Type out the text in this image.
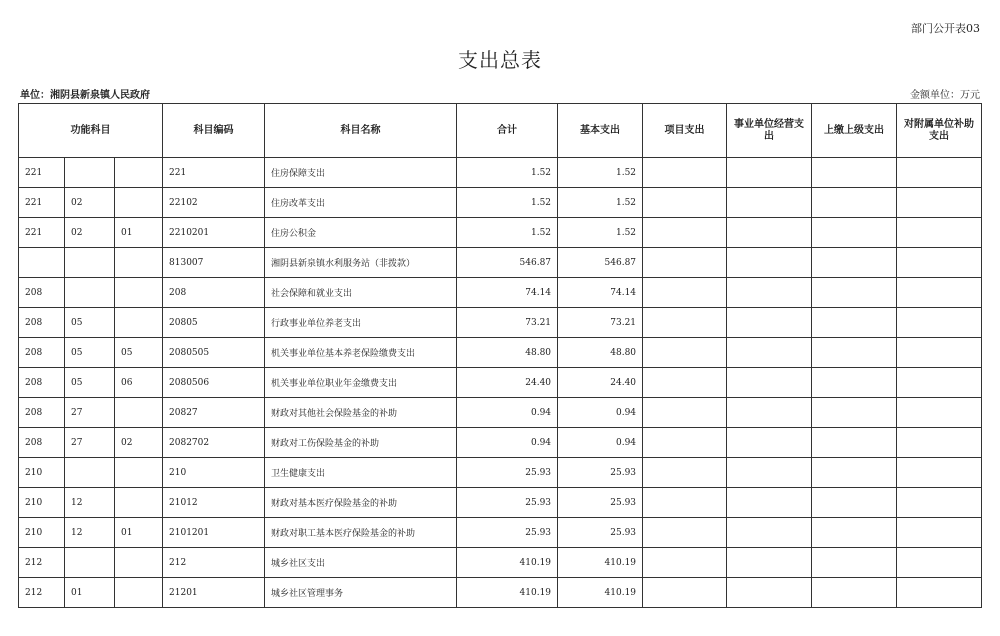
部门公开表03
支出总表
单位：湘阴县新泉镇人民政府	金额单位：万元
功能科目			科目编码	科目名称	合计	基本支出	项目支出	事业单位经营支出	上缴上级支出	对附属单位补助支出
221			221	住房保障支出	1.52	1.52				
221	02		22102	住房改革支出	1.52	1.52				
221	02	01	2210201	住房公积金	1.52	1.52				
			813007	湘阴县新泉镇水利服务站（非拨款）	546.87	546.87				
208			208	社会保障和就业支出	74.14	74.14				
208	05		20805	行政事业单位养老支出	73.21	73.21				
208	05	05	2080505	机关事业单位基本养老保险缴费支出	48.80	48.80				
208	05	06	2080506	机关事业单位职业年金缴费支出	24.40	24.40				
208	27		20827	财政对其他社会保险基金的补助	0.94	0.94				
208	27	02	2082702	财政对工伤保险基金的补助	0.94	0.94				
210			210	卫生健康支出	25.93	25.93				
210	12		21012	财政对基本医疗保险基金的补助	25.93	25.93				
210	12	01	2101201	财政对职工基本医疗保险基金的补助	25.93	25.93				
212			212	城乡社区支出	410.19	410.19				
212	01		21201	城乡社区管理事务	410.19	410.19				
